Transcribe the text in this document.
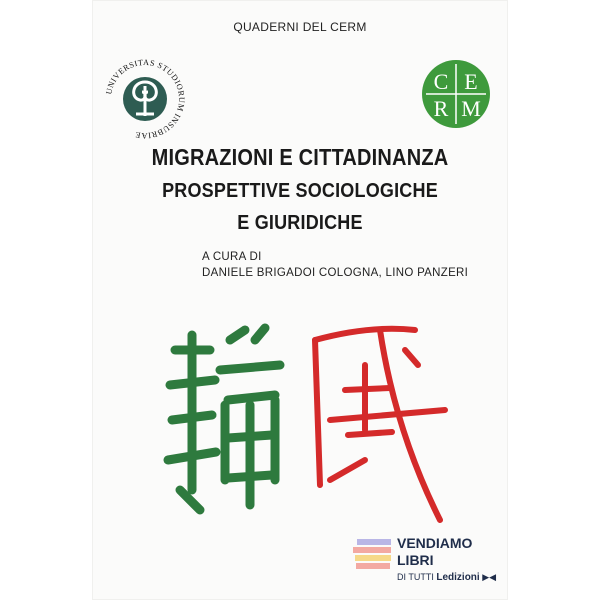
QUADERNI DEL CERM
UNIVERSITAS STUDIORUM INSUBRIAE
C E
R M
MIGRAZIONI E CITTADINANZA
PROSPETTIVE SOCIOLOGICHE
E GIURIDICHE
A CURA DI
DANIELE BRIGADOI COLOGNA, LINO PANZERI
VENDIAMO
LIBRI
DI TUTTI Ledizioni ▶◀
